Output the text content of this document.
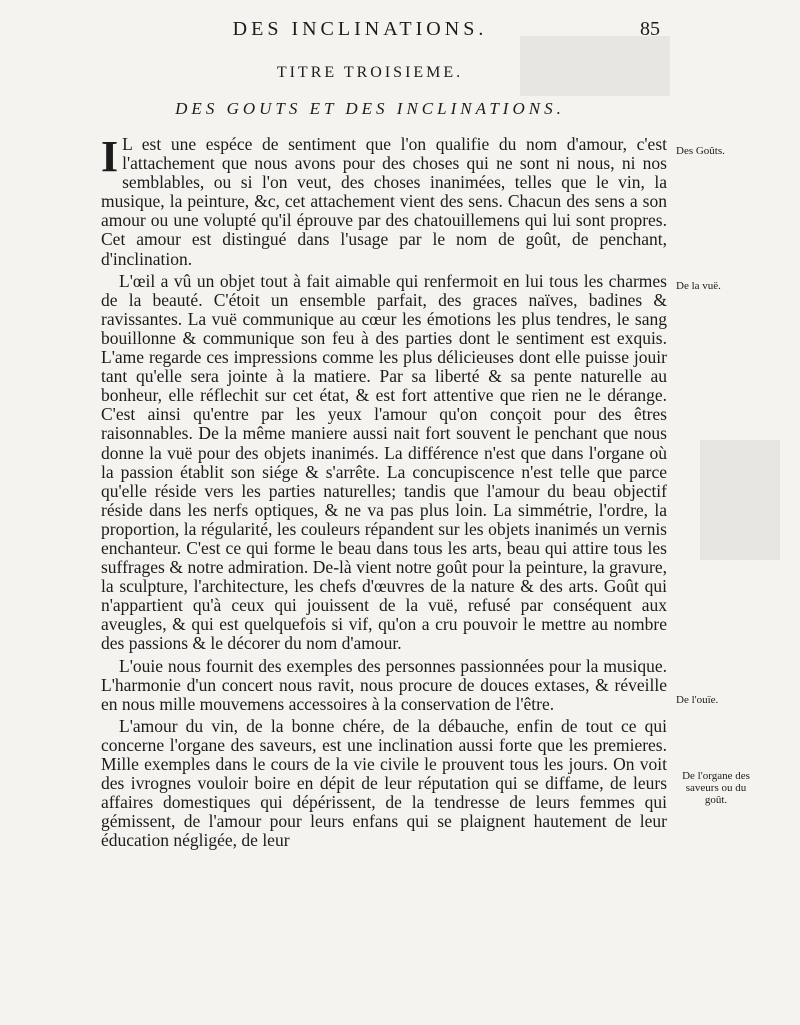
DES INCLINATIONS.	85
TITRE TROISIEME.
DES GOUTS ET DES INCLINATIONS.

I L est une espéce de sentiment que l'on qualifie du nom d'amour, c'est l'attachement que nous avons pour des choses qui ne sont ni nous, ni nos semblables, ou si l'on veut, des choses inanimées, telles que le vin, la musique, la peinture, &c, cet attachement vient des sens. Chacun des sens a son amour ou une volupté qu'il éprouve par des chatouillemens qui lui sont propres. Cet amour est distingué dans l'usage par le nom de goût, de penchant, d'inclination.

L'œil a vû un objet tout à fait aimable qui renfermoit en lui tous les charmes de la beauté. C'étoit un ensemble parfait, des graces naïves, badines & ravissantes. La vuë communique au cœur les émotions les plus tendres, le sang bouillonne & communique son feu à des parties dont le sentiment est exquis. L'ame regarde ces impressions comme les plus délicieuses dont elle puisse jouir tant qu'elle sera jointe à la matiere. Par sa liberté & sa pente naturelle au bonheur, elle réflechit sur cet état, & est fort attentive que rien ne le dérange. C'est ainsi qu'entre par les yeux l'amour qu'on conçoit pour des êtres raisonnables. De la même maniere aussi nait fort souvent le penchant que nous donne la vuë pour des objets inanimés. La différence n'est que dans l'organe où la passion établit son siége & s'arrête. La concupiscence n'est telle que parce qu'elle réside vers les parties naturelles; tandis que l'amour du beau objectif réside dans les nerfs optiques, & ne va pas plus loin. La simmétrie, l'ordre, la proportion, la régularité, les couleurs répandent sur les objets inanimés un vernis enchanteur. C'est ce qui forme le beau dans tous les arts, beau qui attire tous les suffrages & notre admiration. De-là vient notre goût pour la peinture, la gravure, la sculpture, l'architecture, les chefs d'œuvres de la nature & des arts. Goût qui n'appartient qu'à ceux qui jouissent de la vuë, refusé par conséquent aux aveugles, & qui est quelquefois si vif, qu'on a cru pouvoir le mettre au nombre des passions & le décorer du nom d'amour.

L'ouie nous fournit des exemples des personnes passionnées pour la musique. L'harmonie d'un concert nous ravit, nous procure de douces extases, & réveille en nous mille mouvemens accessoires à la conservation de l'être.

L'amour du vin, de la bonne chére, de la débauche, enfin de tout ce qui concerne l'organe des saveurs, est une inclination aussi forte que les premieres. Mille exemples dans le cours de la vie civile le prouvent tous les jours. On voit des ivrognes vouloir boire en dépit de leur réputation qui se diffame, de leurs affaires domestiques qui dépérissent, de la tendresse de leurs femmes qui gémissent, de l'amour pour leurs enfans qui se plaignent hautement de leur éducation négligée, de leur

Des Goûts.
De la vuë.
De l'ouïe.
De l'organe des saveurs ou du goût.
